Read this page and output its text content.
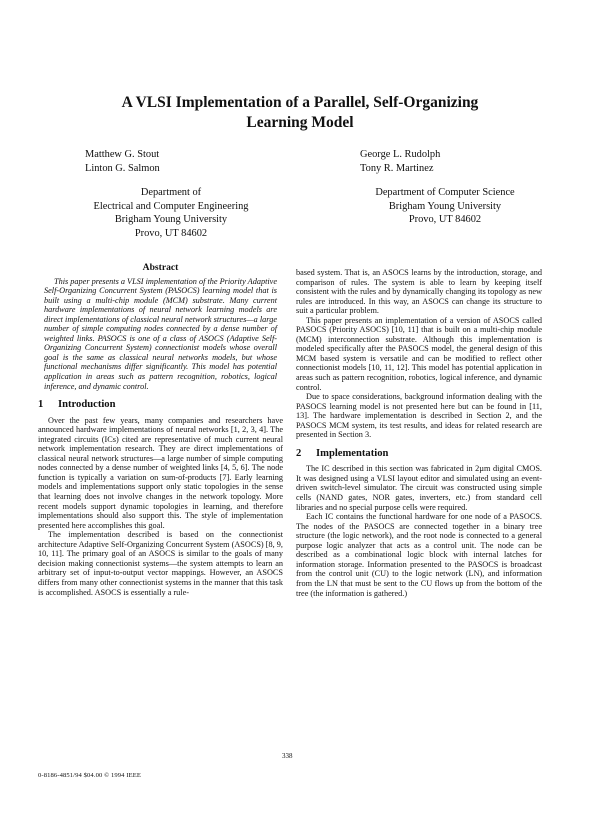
A VLSI Implementation of a Parallel, Self-Organizing
Learning Model
Matthew G. Stout
Linton G. Salmon
George L. Rudolph
Tony R. Martinez
Department of
Electrical and Computer Engineering
Brigham Young University
Provo, UT 84602
Department of Computer Science
Brigham Young University
Provo, UT 84602
Abstract

This paper presents a VLSI implementation of the Priority Adaptive Self-Organizing Concurrent System (PASOCS) learning model that is built using a multi-chip module (MCM) substrate. Many current hardware implementations of neural network learning models are direct implementations of classical neural network structures—a large number of simple computing nodes connected by a dense number of weighted links. PASOCS is one of a class of ASOCS (Adaptive Self-Organizing Concurrent System) connectionist models whose overall goal is the same as classical neural networks models, but whose functional mechanisms differ significantly. This model has potential application in areas such as pattern recognition, robotics, logical inference, and dynamic control.

1 Introduction

Over the past few years, many companies and researchers have announced hardware implementations of neural networks [1, 2, 3, 4]. The integrated circuits (ICs) cited are representative of much current neural network implementation research. They are direct implementations of classical neural network structures—a large number of simple computing nodes connected by a dense number of weighted links [4, 5, 6]. The node function is typically a variation on sum-of-products [7]. Early learning models and implementations support only static topologies in the sense that learning does not involve changes in the network topology. More recent models support dynamic topologies in learning, and therefore implementations should also support this. The style of implementation presented here accomplishes this goal.

The implementation described is based on the connectionist architecture Adaptive Self-Organizing Concurrent System (ASOCS) [8, 9, 10, 11]. The primary goal of an ASOCS is similar to the goals of many decision making connectionist systems—the system attempts to learn an arbitrary set of input-to-output vector mappings. However, an ASOCS differs from many other connectionist systems in the manner that this task is accomplished. ASOCS is essentially a rule-

based system. That is, an ASOCS learns by the introduction, storage, and comparison of rules. The system is able to learn by keeping itself consistent with the rules and by dynamically changing its topology as new rules are introduced. In this way, an ASOCS can change its structure to suit a particular problem.

This paper presents an implementation of a version of ASOCS called PASOCS (Priority ASOCS) [10, 11] that is built on a multi-chip module (MCM) interconnection substrate. Although this implementation is modeled specifically after the PASOCS model, the general design of this MCM based system is versatile and can be modified to reflect other connectionist models [10, 11, 12]. This model has potential application in areas such as pattern recognition, robotics, logical inference, and dynamic control.

Due to space considerations, background information dealing with the PASOCS learning model is not presented here but can be found in [11, 13]. The hardware implementation is described in Section 2, and the PASOCS MCM system, its test results, and ideas for related research are presented in Section 3.

2 Implementation

The IC described in this section was fabricated in 2µm digital CMOS. It was designed using a VLSI layout editor and simulated using an event-driven switch-level simulator. The circuit was constructed using simple cells (NAND gates, NOR gates, inverters, etc.) from standard cell libraries and no special purpose cells were required.

Each IC contains the functional hardware for one node of a PASOCS. The nodes of the PASOCS are connected together in a binary tree structure (the logic network), and the root node is connected to a general purpose logic analyzer that acts as a control unit. The node can be described as a combinational logic block with internal latches for information storage. Information presented to the PASOCS is broadcast from the control unit (CU) to the logic network (LN), and information from the LN that must be sent to the CU flows up from the bottom of the tree (the information is gathered.)

338
0-8186-4851/94 $04.00 © 1994 IEEE
